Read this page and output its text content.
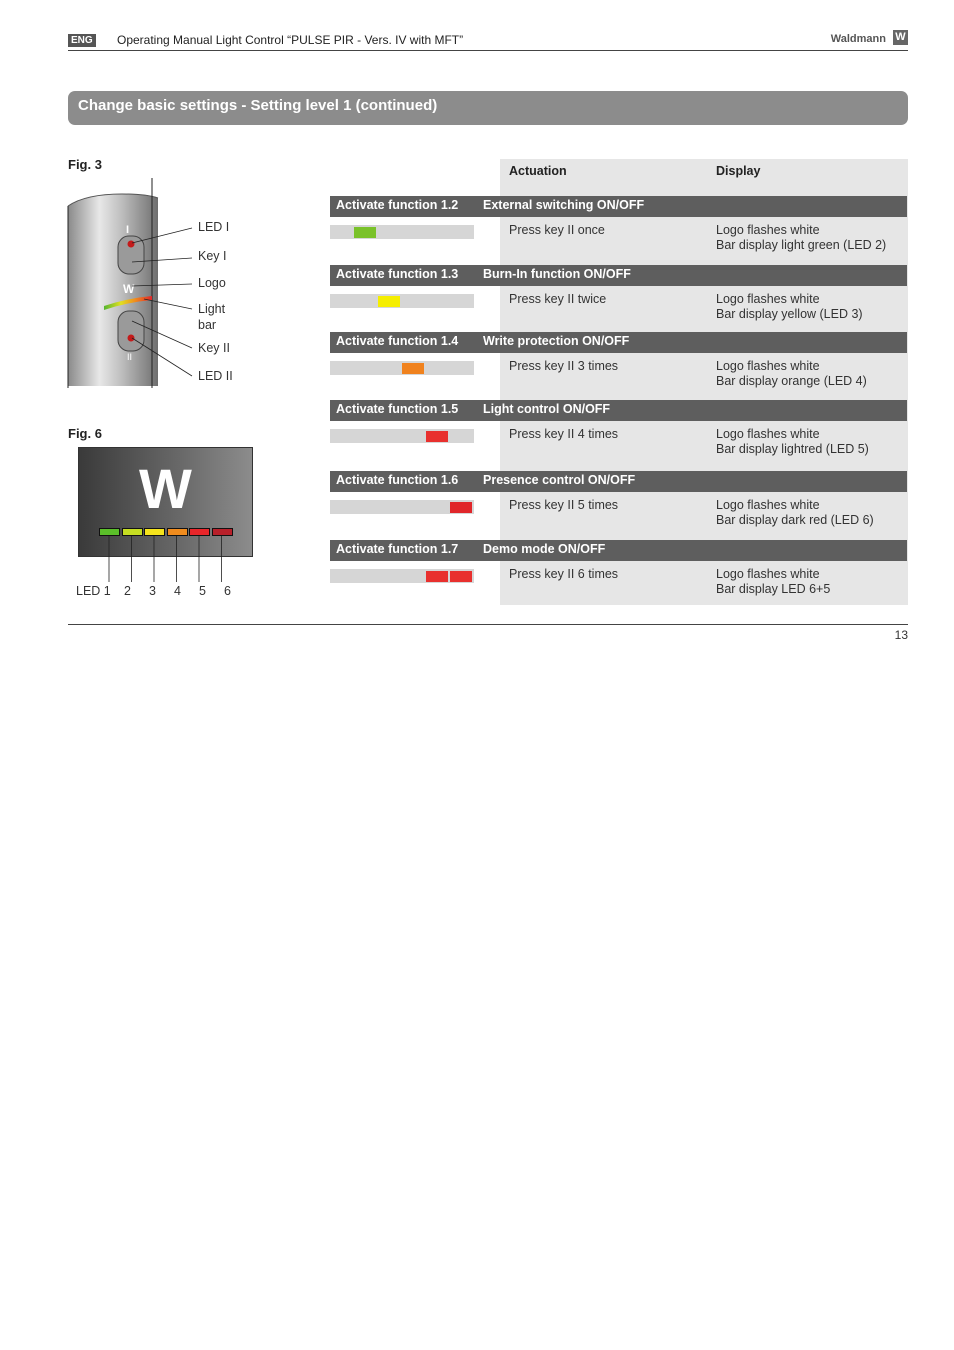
ENG Operating Manual Light Control “PULSE PIR - Vers. IV with MFT”	Waldmann W
Change basic settings - Setting level 1 (continued)
Fig. 3
I
W
II
LED I
Key I
Logo
Light
bar
Key II
LED II
Fig. 6
W
LED 1 2 3 4 5 6
Actuation	Display
Activate function 1.2 External switching ON/OFF
Press key II once	Logo flashes white
Bar display light green (LED 2)
Activate function 1.3 Burn-In function ON/OFF
Press key II twice	Logo flashes white
Bar display yellow (LED 3)
Activate function 1.4 Write protection ON/OFF
Press key II 3 times	Logo flashes white
Bar display orange (LED 4)
Activate function 1.5 Light control ON/OFF
Press key II 4 times	Logo flashes white
Bar display lightred (LED 5)
Activate function 1.6 Presence control ON/OFF
Press key II 5 times	Logo flashes white
Bar display dark red (LED 6)
Activate function 1.7 Demo mode ON/OFF
Press key II 6 times	Logo flashes white
Bar display LED 6+5
13
